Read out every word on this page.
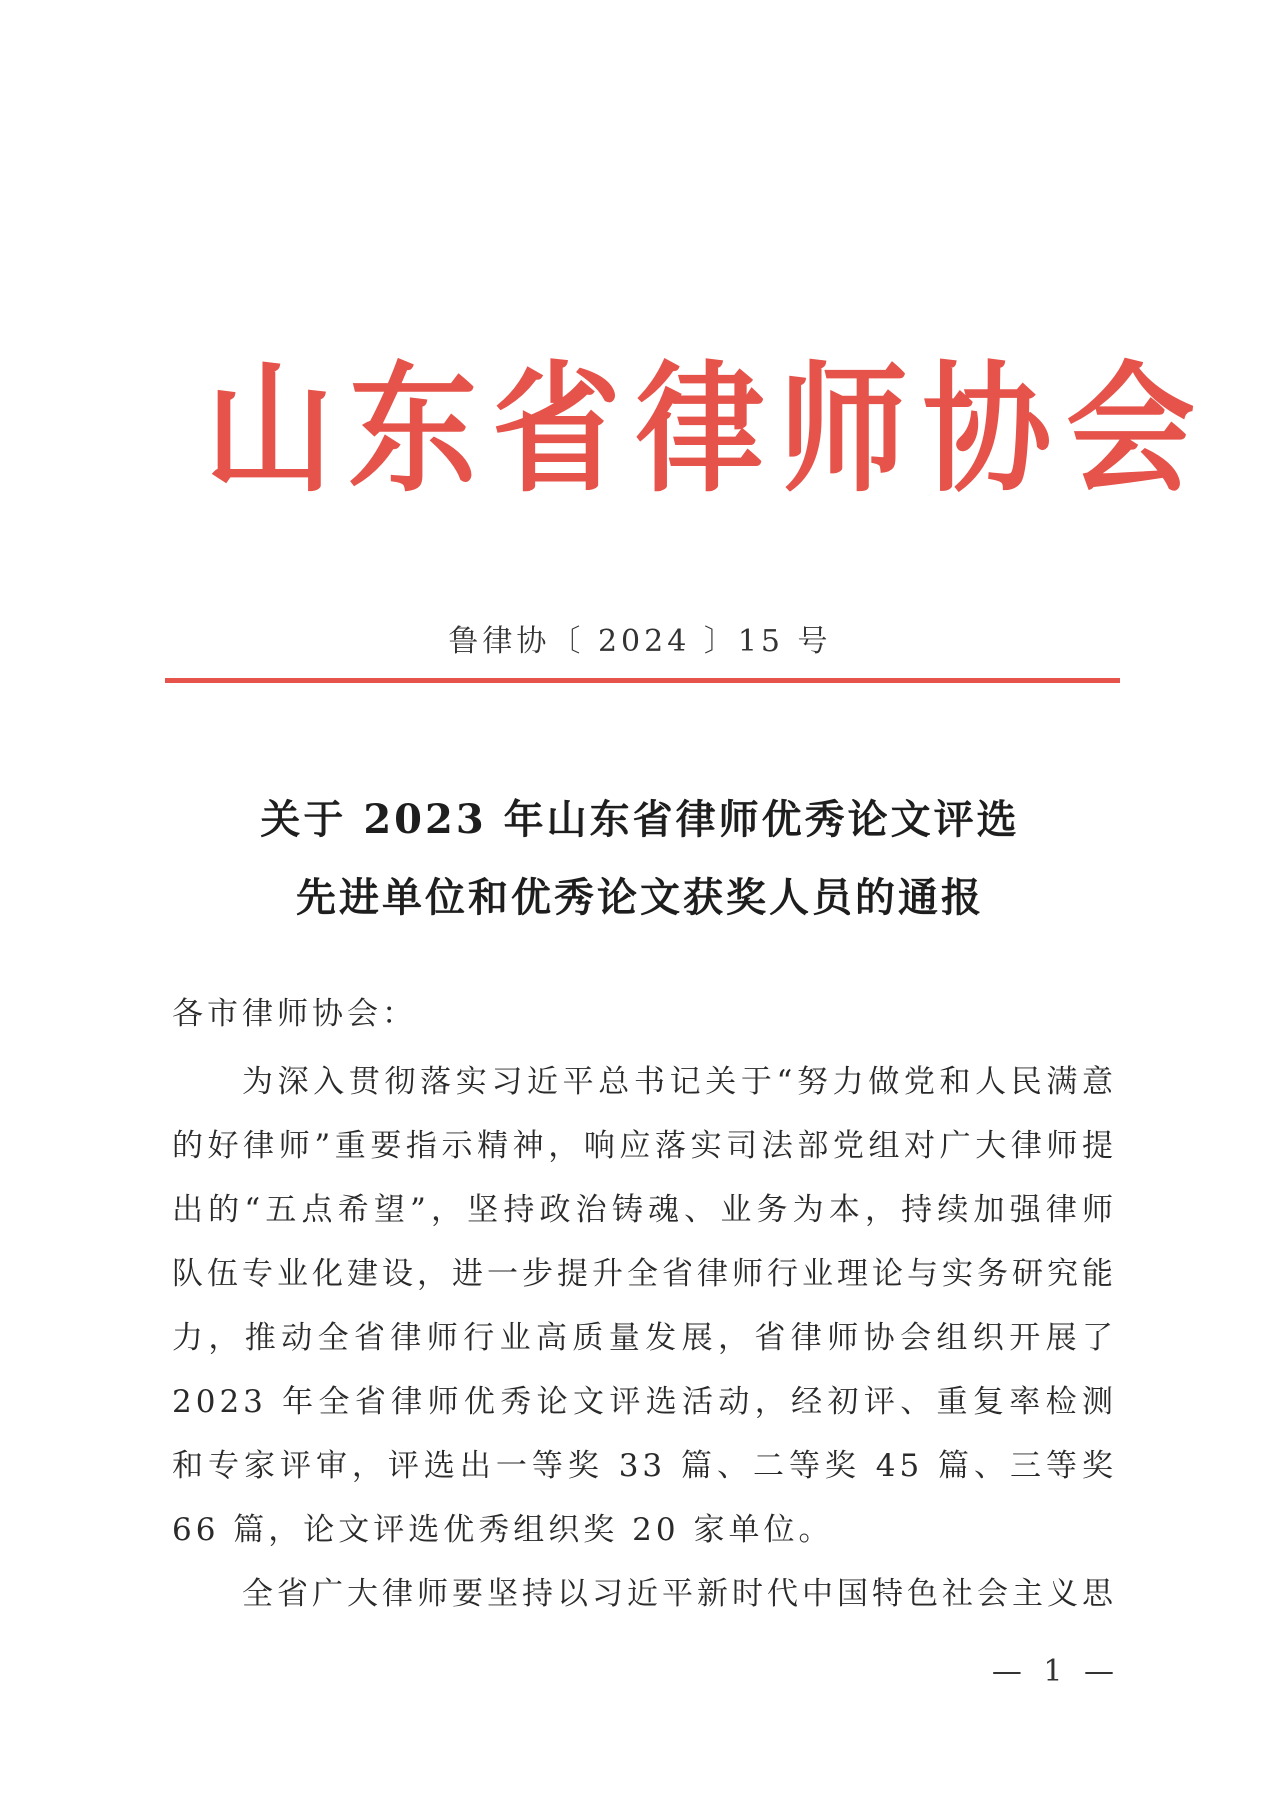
山东省律师协会
鲁律协〔 2024 〕15 号
关于 2023 年山东省律师优秀论文评选
先进单位和优秀论文获奖人员的通报
各市律师协会：

为深入贯彻落实习近平总书记关于“努力做党和人民满意的好律师”重要指示精神，响应落实司法部党组对广大律师提出的“五点希望”，坚持政治铸魂、业务为本，持续加强律师队伍专业化建设，进一步提升全省律师行业理论与实务研究能力，推动全省律师行业高质量发展，省律师协会组织开展了 2023 年全省律师优秀论文评选活动，经初评、重复率检测和专家评审，评选出一等奖 33 篇、二等奖 45 篇、三等奖 66 篇，论文评选优秀组织奖 20 家单位。

全省广大律师要坚持以习近平新时代中国特色社会主义思

— 1 —
